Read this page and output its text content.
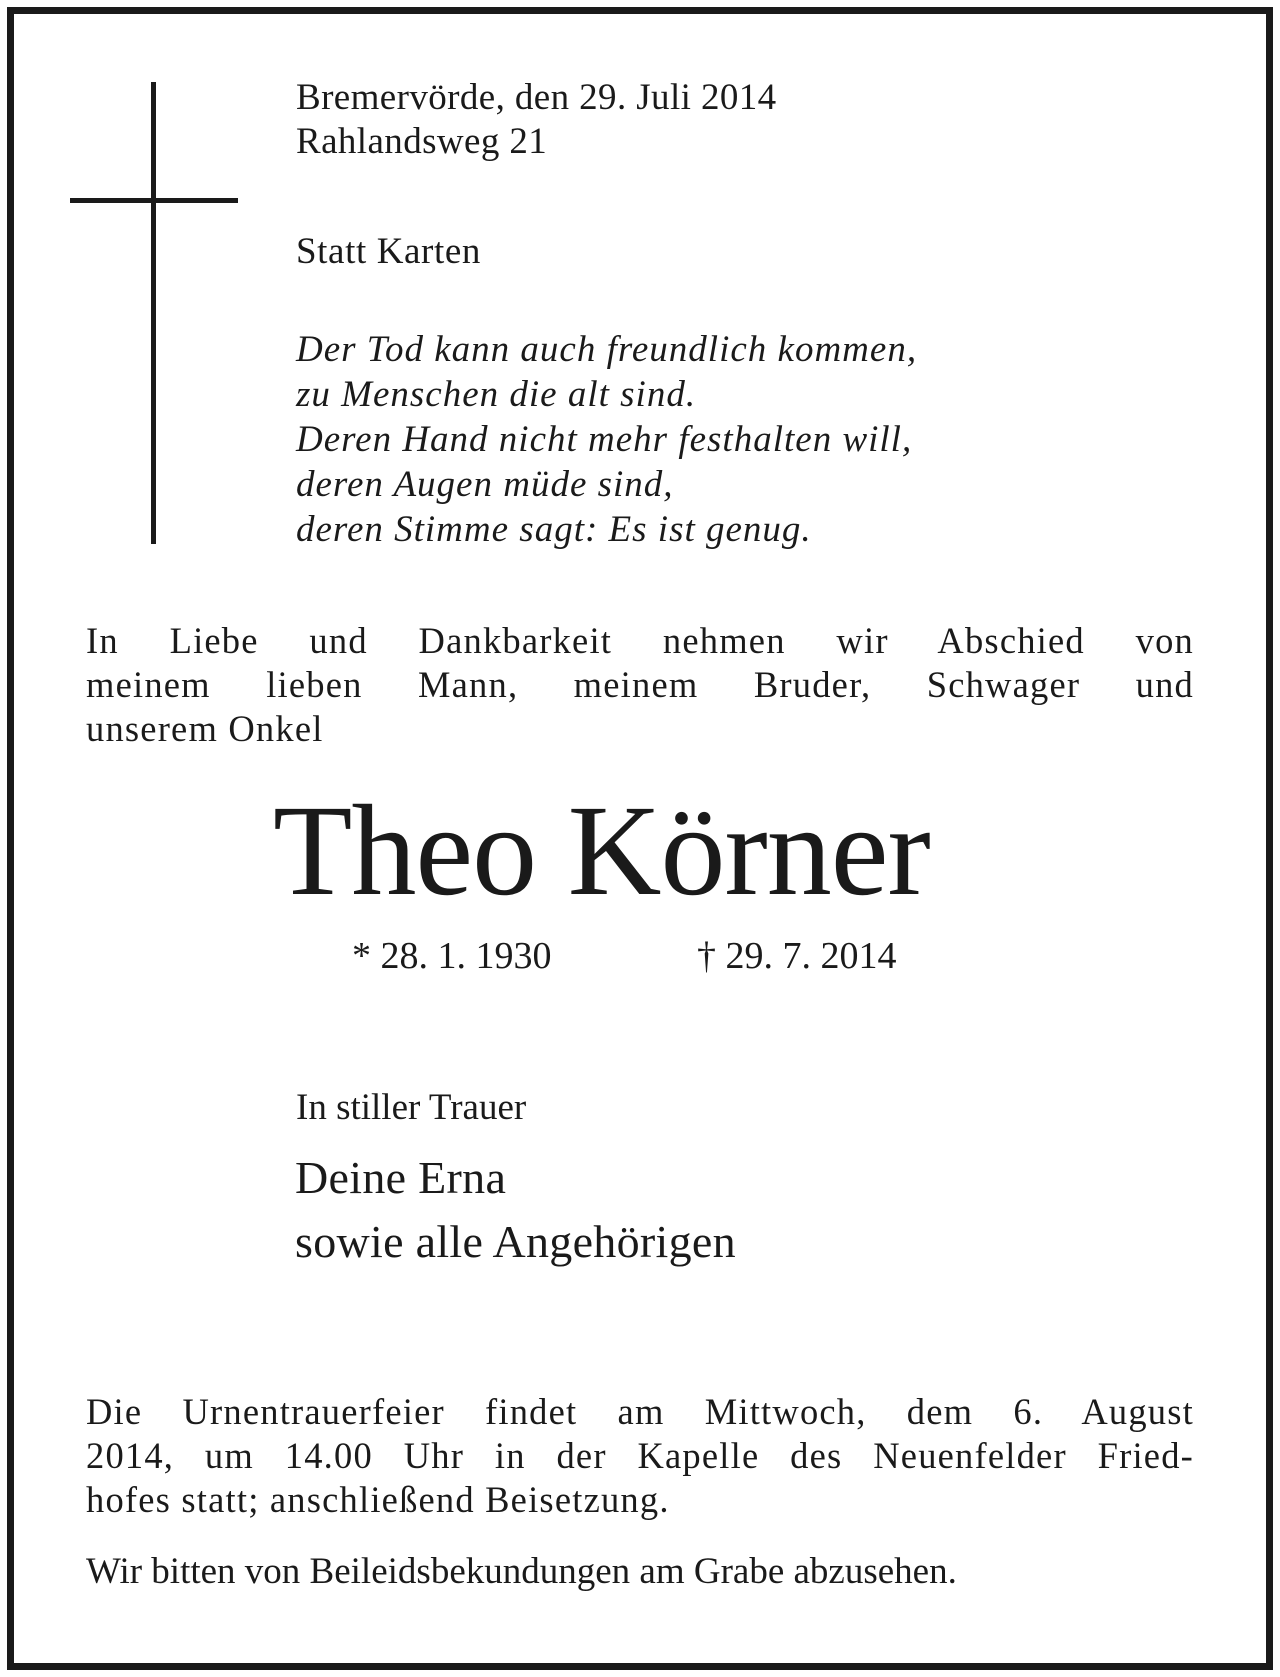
Bremervörde, den 29. Juli 2014

Rahlandsweg 21

Statt Karten

Der Tod kann auch freundlich kommen,
zu Menschen die alt sind.
Deren Hand nicht mehr festhalten will,
deren Augen müde sind,
deren Stimme sagt: Es ist genug.
In Liebe und Dankbarkeit nehmen wir Abschied von
meinem lieben Mann, meinem Bruder, Schwager und
unserem Onkel

Theo Körner

* 28. 1. 1930	† 29. 7. 2014

In stiller Trauer

Deine Erna

sowie alle Angehörigen

Die Urnentrauerfeier findet am Mittwoch, dem 6. August
2014, um 14.00 Uhr in der Kapelle des Neuenfelder Fried-
hofes statt; anschließend Beisetzung.

Wir bitten von Beileidsbekundungen am Grabe abzusehen.
